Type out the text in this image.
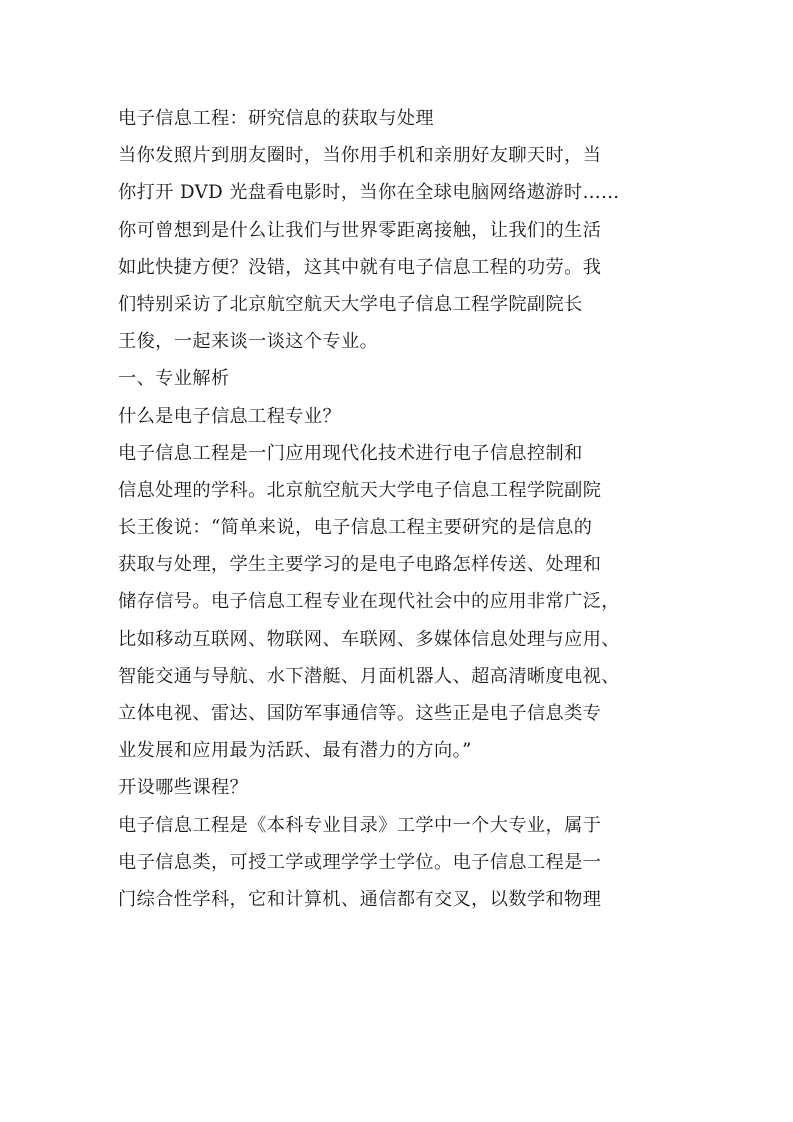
电子信息工程：研究信息的获取与处理
当你发照片到朋友圈时，当你用手机和亲朋好友聊天时，当
你打开 DVD 光盘看电影时，当你在全球电脑网络遨游时……
你可曾想到是什么让我们与世界零距离接触，让我们的生活
如此快捷方便？没错，这其中就有电子信息工程的功劳。我
们特别采访了北京航空航天大学电子信息工程学院副院长
王俊，一起来谈一谈这个专业。
一、专业解析
什么是电子信息工程专业？
电子信息工程是一门应用现代化技术进行电子信息控制和
信息处理的学科。北京航空航天大学电子信息工程学院副院
长王俊说：“简单来说，电子信息工程主要研究的是信息的
获取与处理，学生主要学习的是电子电路怎样传送、处理和
储存信号。电子信息工程专业在现代社会中的应用非常广泛，
比如移动互联网、物联网、车联网、多媒体信息处理与应用、
智能交通与导航、水下潜艇、月面机器人、超高清晰度电视、
立体电视、雷达、国防军事通信等。这些正是电子信息类专
业发展和应用最为活跃、最有潜力的方向。”
开设哪些课程？
电子信息工程是《本科专业目录》工学中一个大专业，属于
电子信息类，可授工学或理学学士学位。电子信息工程是一
门综合性学科，它和计算机、通信都有交叉，以数学和物理
